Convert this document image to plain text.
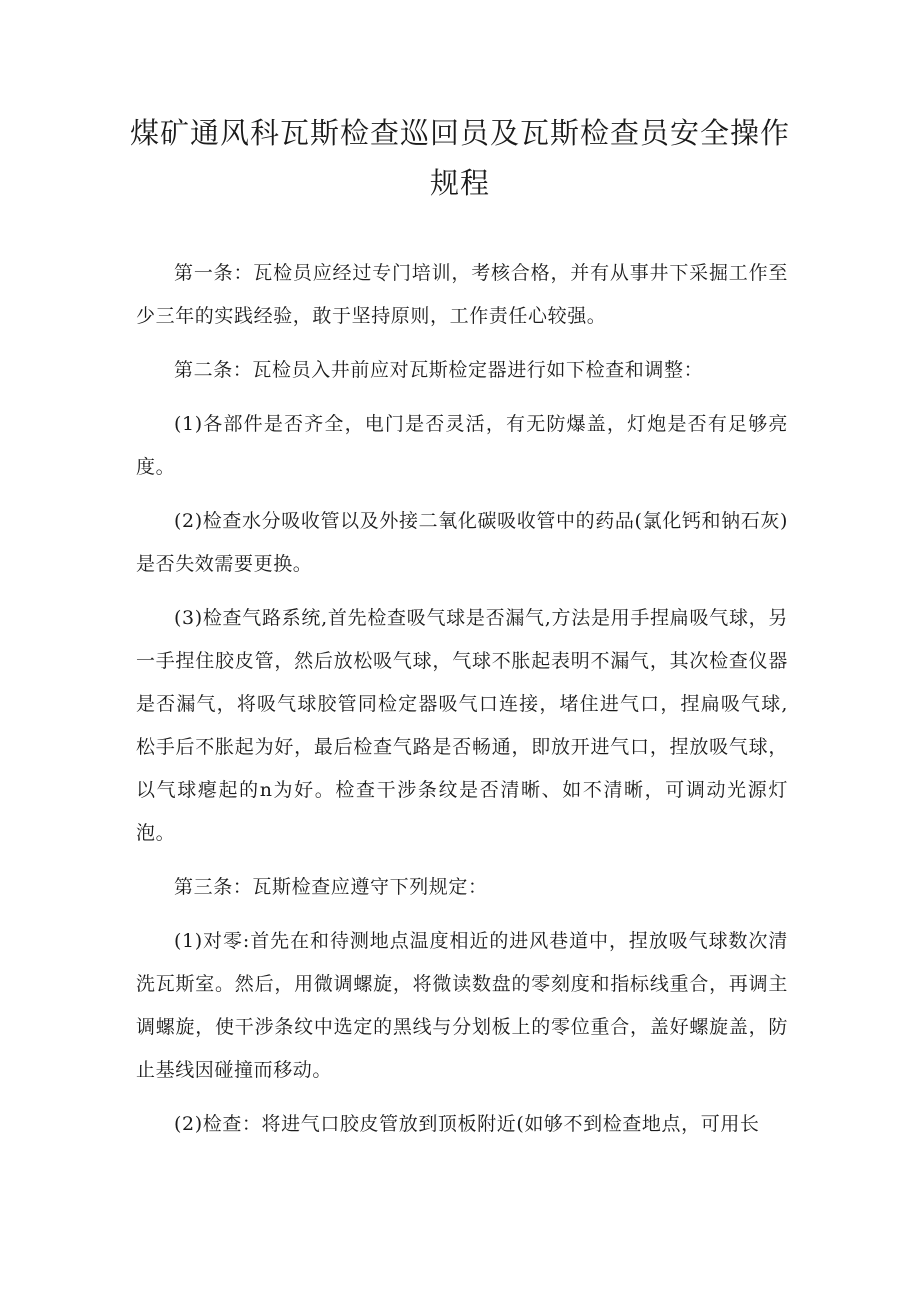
煤矿通风科瓦斯检查巡回员及瓦斯检查员安全操作
规程

第一条：瓦检员应经过专门培训，考核合格，并有从事井下采掘工作至少三年的实践经验，敢于坚持原则，工作责任心较强。

第二条：瓦检员入井前应对瓦斯检定器进行如下检查和调整：

(1)各部件是否齐全，电门是否灵活，有无防爆盖，灯炮是否有足够亮度。

(2)检查水分吸收管以及外接二氧化碳吸收管中的药品(氯化钙和钠石灰)是否失效需要更换。

(3)检查气路系统,首先检查吸气球是否漏气,方法是用手捏扁吸气球，另一手捏住胶皮管，然后放松吸气球，气球不胀起表明不漏气，其次检查仪器是否漏气，将吸气球胶管同检定器吸气口连接，堵住进气口，捏扁吸气球,松手后不胀起为好，最后检查气路是否畅通，即放开进气口，捏放吸气球，以气球瘪起的n为好。检查干涉条纹是否清晰、如不清晰，可调动光源灯泡。

第三条：瓦斯检查应遵守下列规定：

(1)对零:首先在和待测地点温度相近的进风巷道中，捏放吸气球数次清洗瓦斯室。然后，用微调螺旋，将微读数盘的零刻度和指标线重合，再调主调螺旋，使干涉条纹中选定的黑线与分划板上的零位重合，盖好螺旋盖，防止基线因碰撞而移动。

(2)检查：将进气口胶皮管放到顶板附近(如够不到检查地点，可用长
